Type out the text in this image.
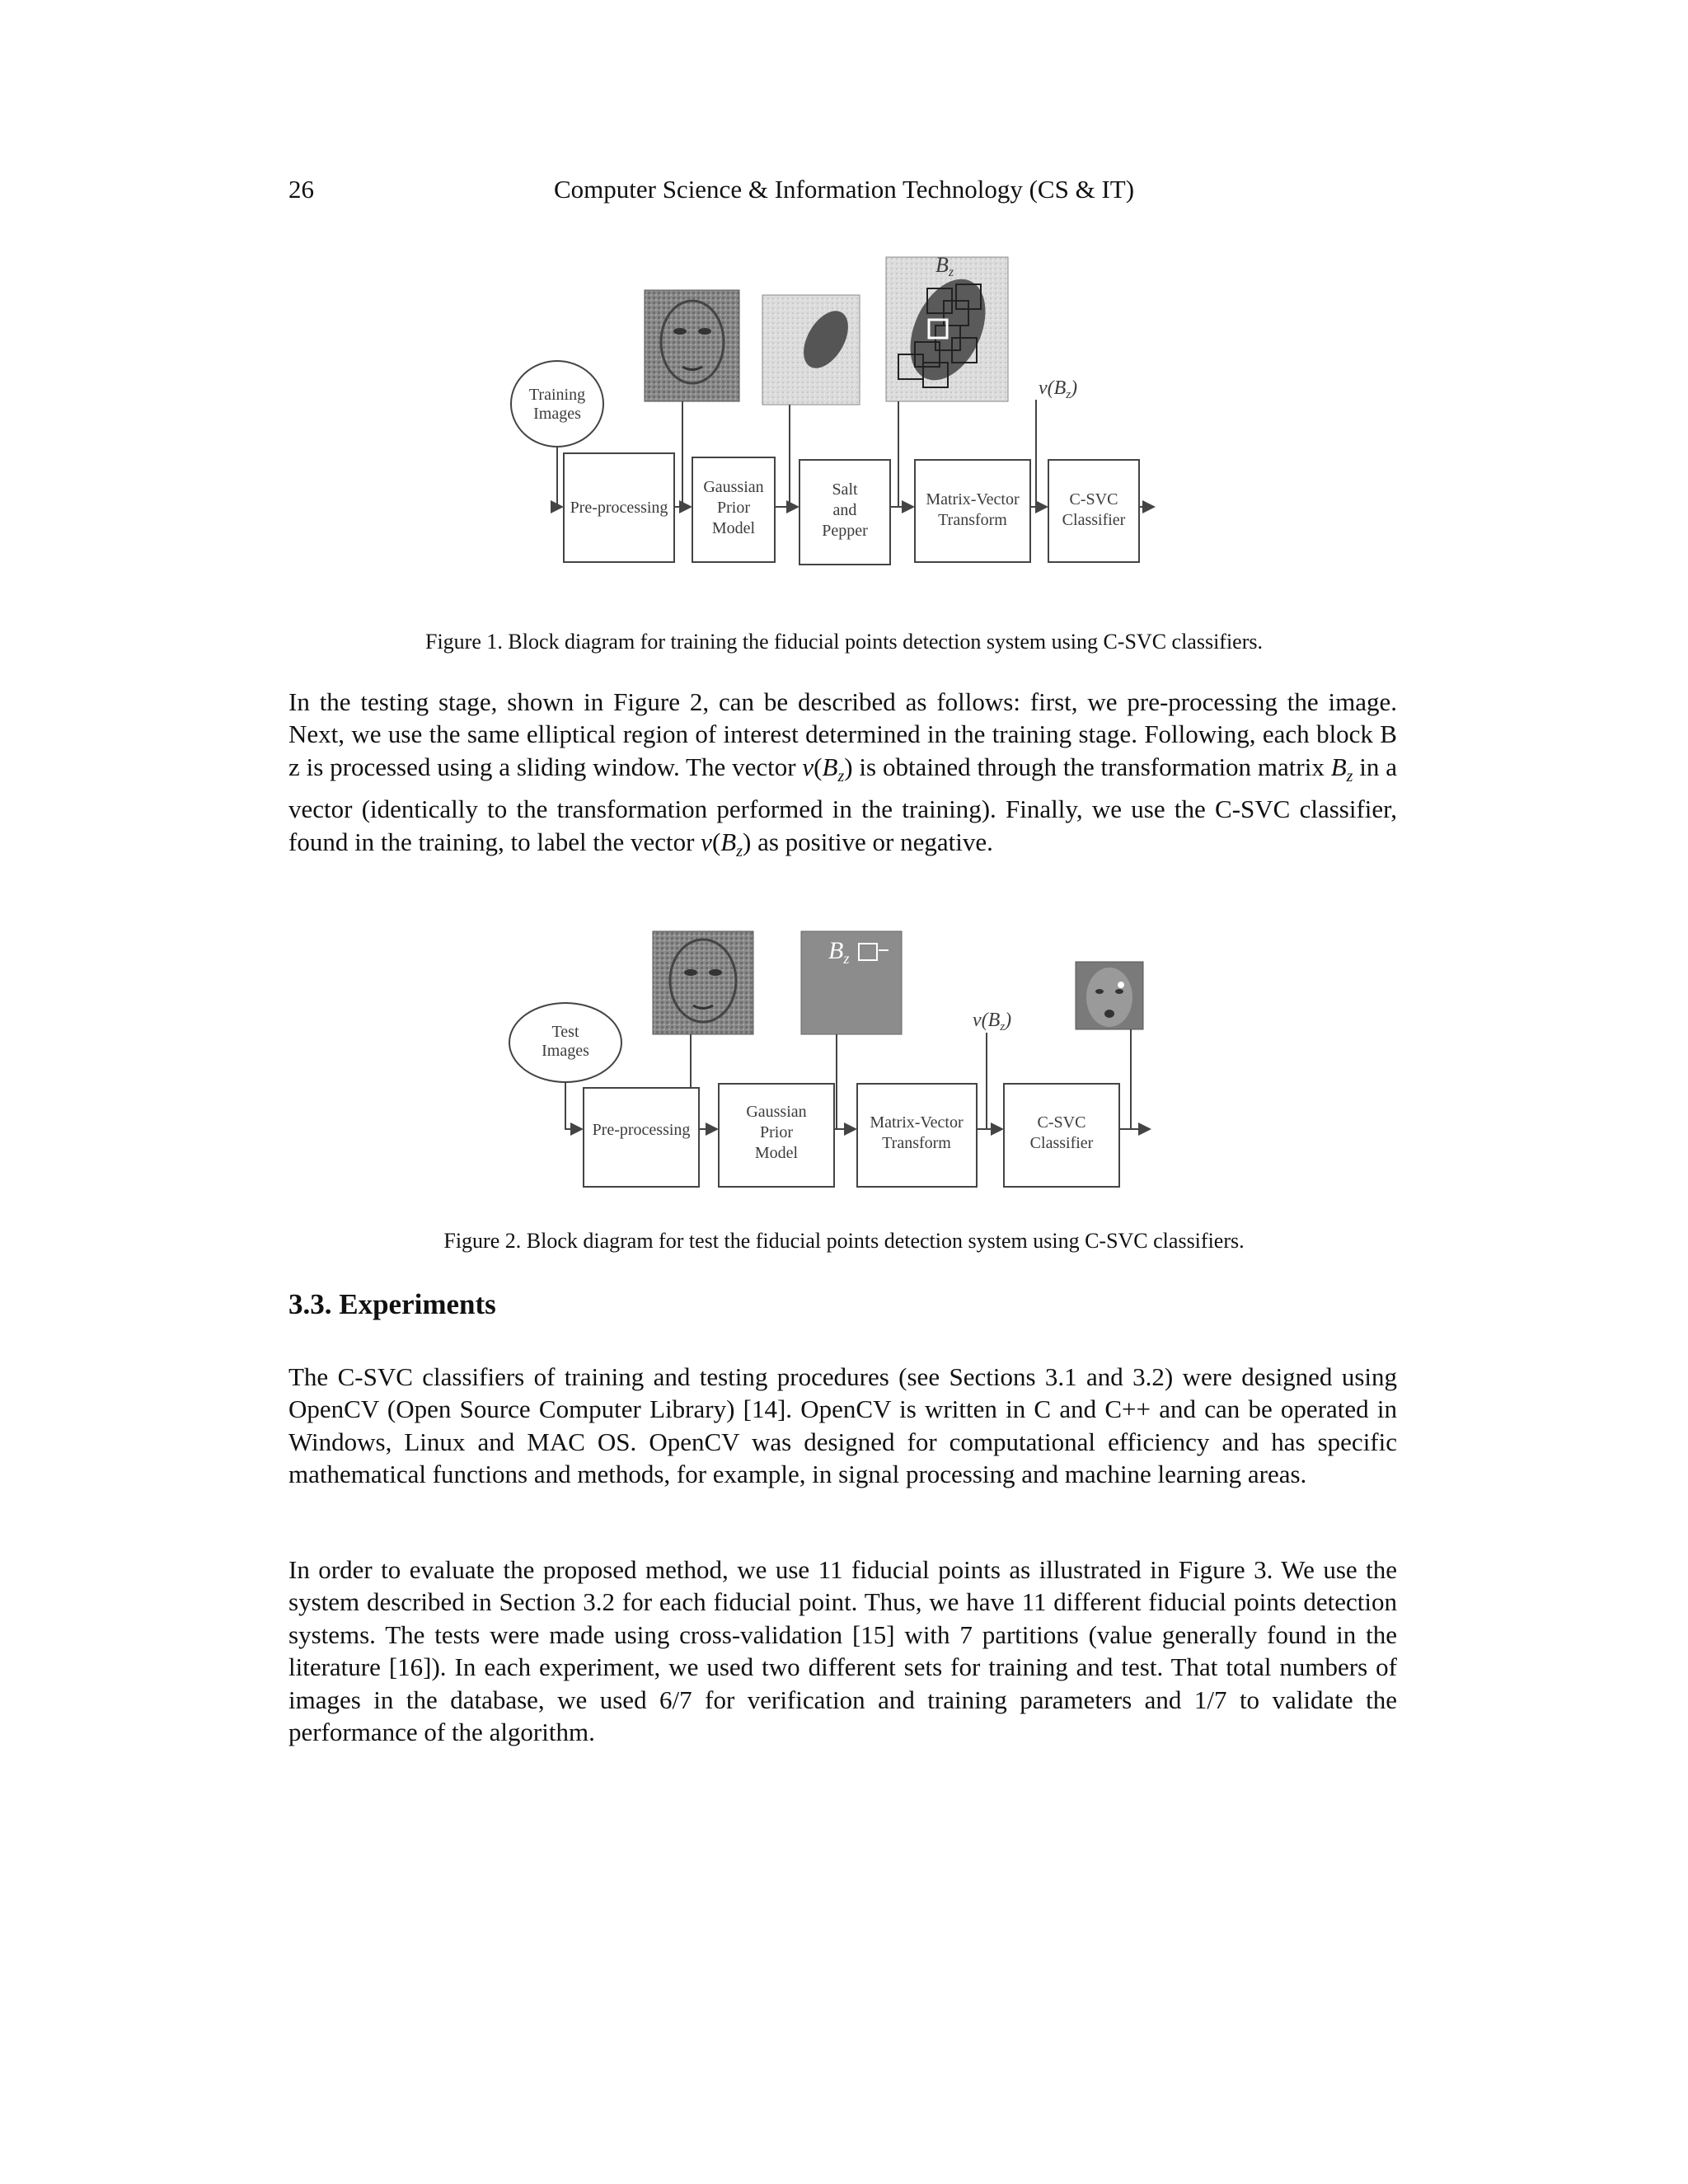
26	Computer Science & Information Technology (CS & IT)
Training
Images
Bz
$v(B_z)$
Pre-processing
Gaussian
Prior
Model
Salt
and
Pepper
Matrix-Vector
Transform
C-SVC
Classifier
Figure 1. Block diagram for training the fiducial points detection system using C-SVC classifiers.

In the testing stage, shown in Figure 2, can be described as follows: first, we pre-processing the image. Next, we use the same elliptical region of interest determined in the training stage. Following, each block B z is processed using a sliding window. The vector $v(B_z)$ is obtained through the transformation matrix $B_z$ in a vector (identically to the transformation performed in the training). Finally, we use the C-SVC classifier, found in the training, to label the vector $v(B_z)$ as positive or negative.

Test
Images
$B_z$
$v(B_z)$
Pre-processing
Gaussian
Prior
Model
Matrix-Vector
Transform
C-SVC
Classifier
Figure 2. Block diagram for test the fiducial points detection system using C-SVC classifiers.
3.3. Experiments

The C-SVC classifiers of training and testing procedures (see Sections 3.1 and 3.2) were designed using OpenCV (Open Source Computer Library) [14]. OpenCV is written in C and C++ and can be operated in Windows, Linux and MAC OS. OpenCV was designed for computational efficiency and has specific mathematical functions and methods, for example, in signal processing and machine learning areas.

In order to evaluate the proposed method, we use 11 fiducial points as illustrated in Figure 3. We use the system described in Section 3.2 for each fiducial point. Thus, we have 11 different fiducial points detection systems. The tests were made using cross-validation [15] with 7 partitions (value generally found in the literature [16]). In each experiment, we used two different sets for training and test. That total numbers of images in the database, we used 6/7 for verification and training parameters and 1/7 to validate the performance of the algorithm.
